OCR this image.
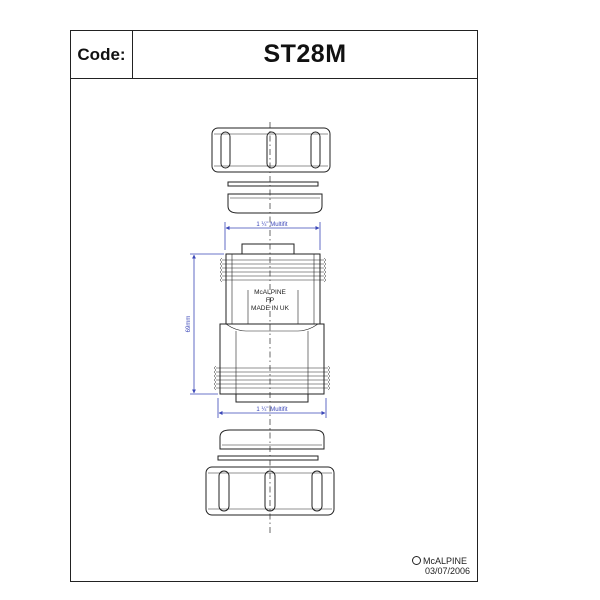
Code:	ST28M
1 ¼" Multifit
McALPINE
FP
MADE IN UK
69mm
1 ¼" Multifit
McALPINE
03/07/2006
